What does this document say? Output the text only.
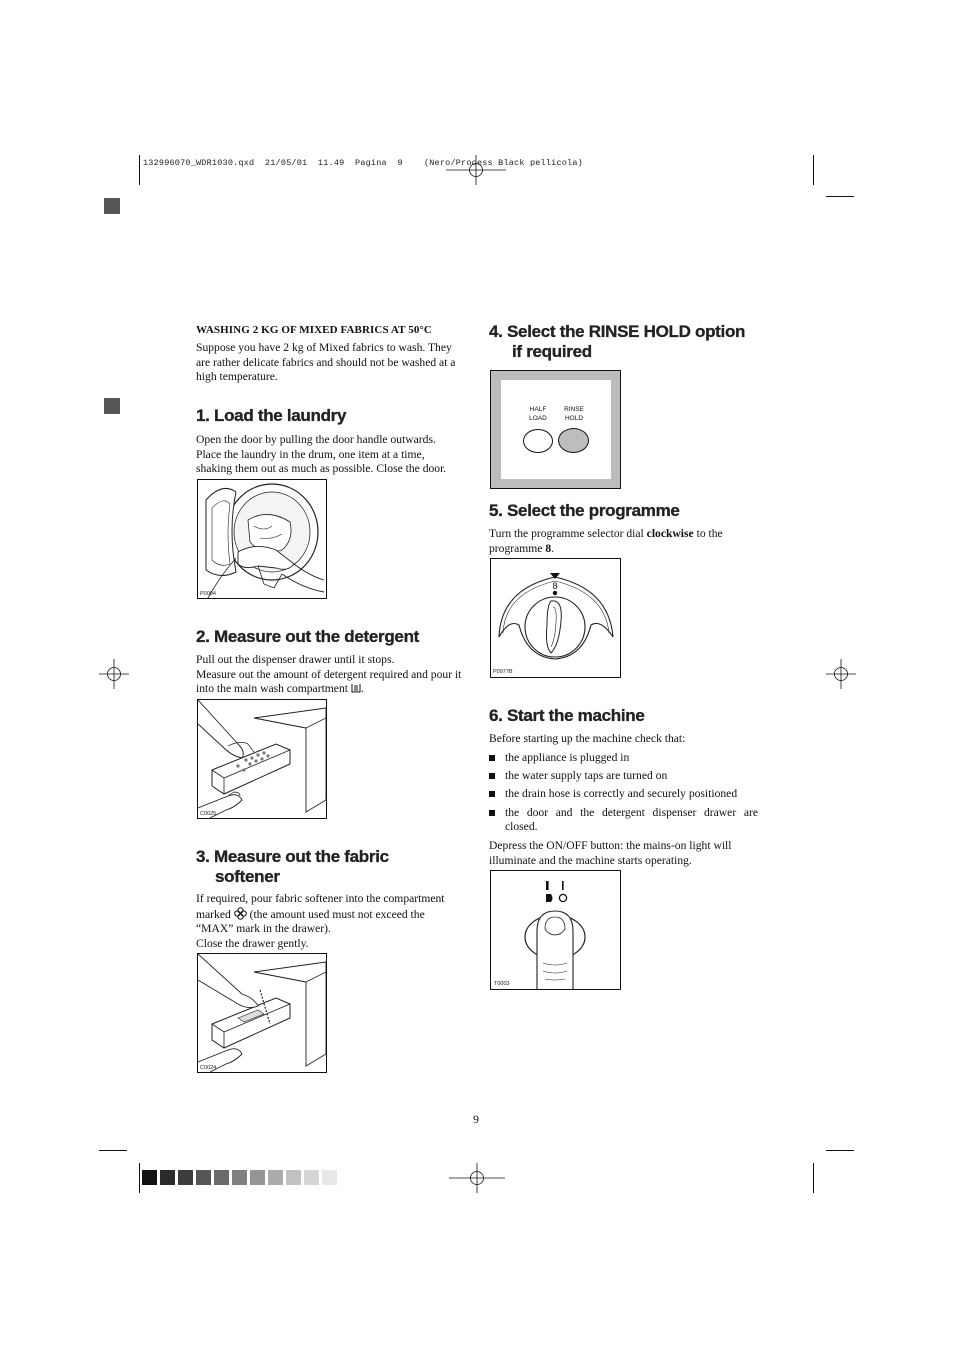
132996070_WDR1030.qxd  21/05/01  11.49  Pagina  9    (Nero/Process Black pellicola)
WASHING 2 KG OF MIXED FABRICS AT 50°C
Suppose you have 2 kg of Mixed fabrics to wash. They are rather delicate fabrics and should not be washed at a high temperature.
1. Load the laundry
Open the door by pulling the door handle outwards. Place the laundry in the drum, one item at a time, shaking them out as much as possible. Close the door.
P0004
2. Measure out the detergent
Pull out the dispenser drawer until it stops.
Measure out the amount of detergent required and pour it into the main wash compartment .
C0025
3. Measure out the fabric
softener
If required, pour fabric softener into the compartment marked (the amount used must not exceed the “MAX” mark in the drawer).
Close the drawer gently.
C0024
4. Select the RINSE HOLD option
if required
HALF
LOAD
RINSE
HOLD
5. Select the programme
Turn the programme selector dial clockwise to the programme 8.
8
P0977B
6. Start the machine
Before starting up the machine check that:
the appliance is plugged in
the water supply taps are turned on
the drain hose is correctly and securely positioned
the door and the detergent dispenser drawer are closed.
Depress the ON/OFF button: the mains-on light will illuminate and the machine starts operating.
T0003
9
